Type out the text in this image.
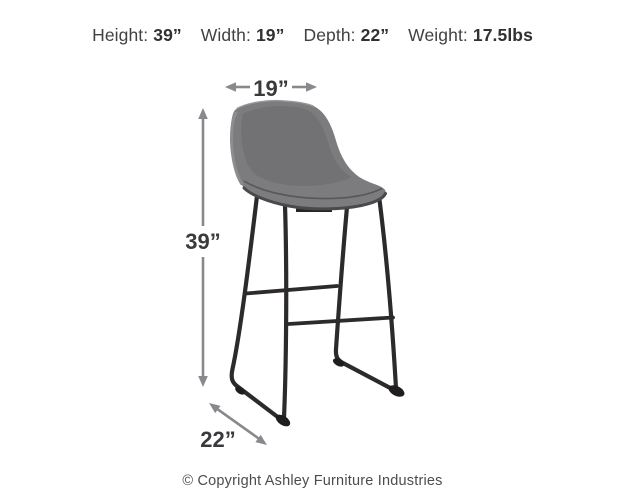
Height: 39” Width: 19” Depth: 22” Weight: 17.5lbs
19”
39”
22”
© Copyright Ashley Furniture Industries
